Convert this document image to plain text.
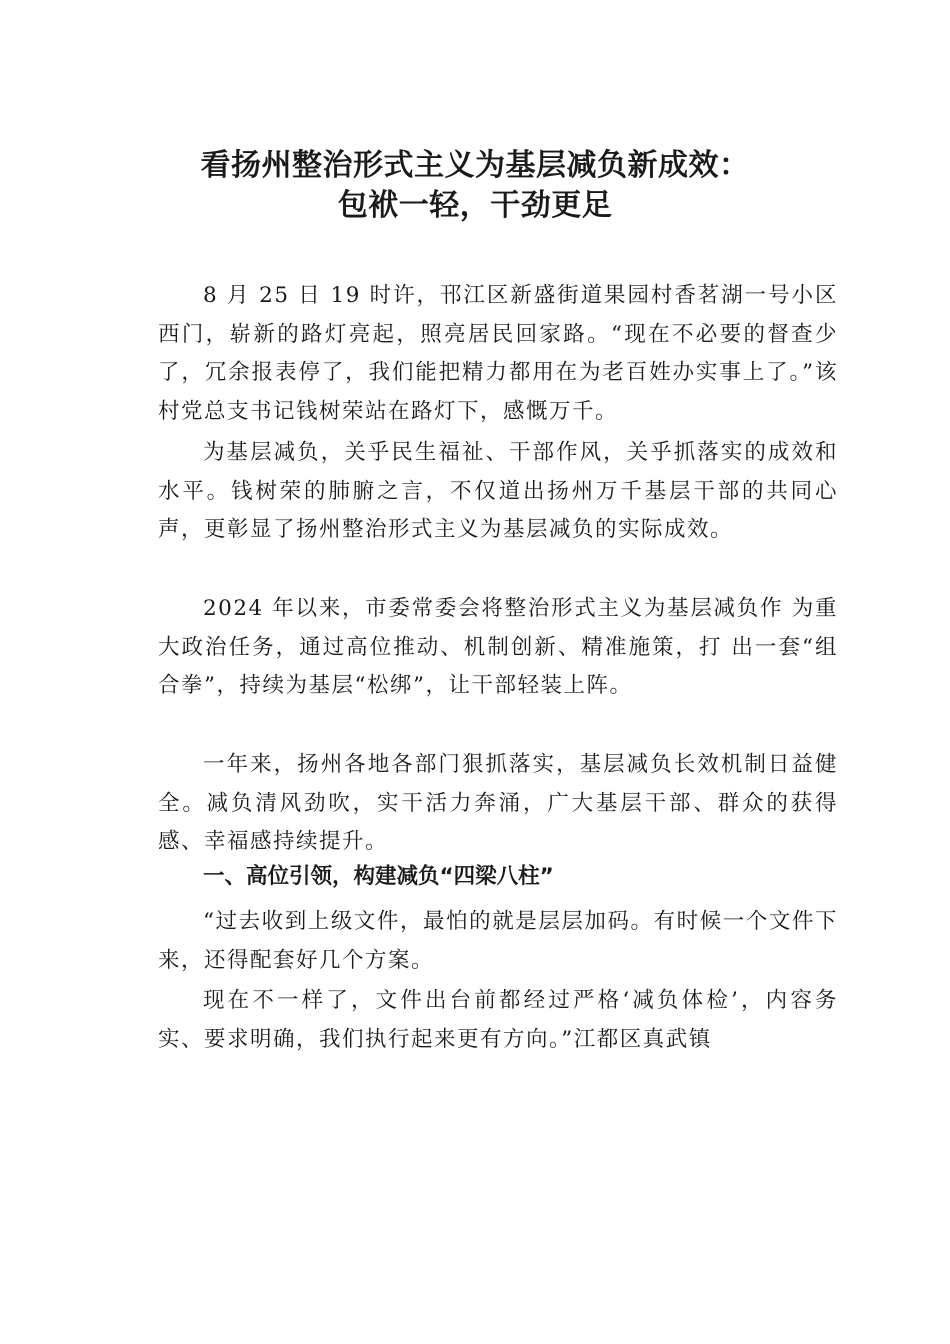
看扬州整治形式主义为基层减负新成效：
包袱一轻，干劲更足
8 月 25 日 19 时许，邗江区新盛街道果园村香茗湖一号小区西门，崭新的路灯亮起，照亮居民回家路。“现在不必要的督查少了，冗余报表停了，我们能把精力都用在为老百姓办实事上了。”该村党总支书记钱树荣站在路灯下，感慨万千。
为基层减负，关乎民生福祉、干部作风，关乎抓落实的成效和水平。钱树荣的肺腑之言，不仅道出扬州万千基层干部的共同心声，更彰显了扬州整治形式主义为基层减负的实际成效。
2024 年以来，市委常委会将整治形式主义为基层减负作 为重大政治任务，通过高位推动、机制创新、精准施策，打 出一套“组合拳”，持续为基层“松绑”，让干部轻装上阵。
一年来，扬州各地各部门狠抓落实，基层减负长效机制日益健全。减负清风劲吹，实干活力奔涌，广大基层干部、群众的获得感、幸福感持续提升。
一、高位引领，构建减负“四梁八柱”
“过去收到上级文件，最怕的就是层层加码。有时候一个文件下来，还得配套好几个方案。
现在不一样了，文件出台前都经过严格‘减负体检’，内容务实、要求明确，我们执行起来更有方向。”江都区真武镇
